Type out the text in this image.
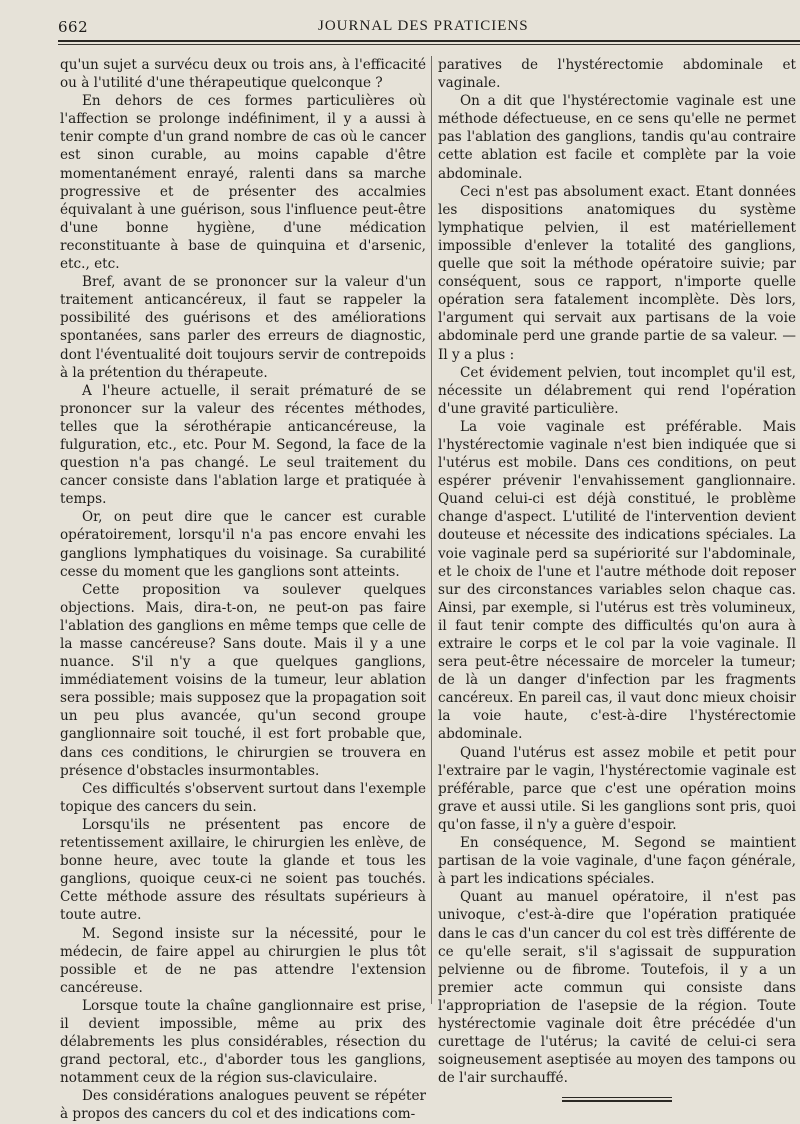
662	JOURNAL DES PRATICIENS

qu'un sujet a survécu deux ou trois ans, à l'efficacité ou à l'utilité d'une thérapeutique quelconque ?

En dehors de ces formes particulières où l'affection se prolonge indéfiniment, il y a aussi à tenir compte d'un grand nombre de cas où le cancer est sinon curable, au moins capable d'être momentanément enrayé, ralenti dans sa marche progressive et de présenter des accalmies équivalant à une guérison, sous l'influence peut-être d'une bonne hygiène, d'une médication reconstituante à base de quinquina et d'arsenic, etc., etc.

Bref, avant de se prononcer sur la valeur d'un traitement anticancéreux, il faut se rappeler la possibilité des guérisons et des améliorations spontanées, sans parler des erreurs de diagnostic, dont l'éventualité doit toujours servir de contrepoids à la prétention du thérapeute.

A l'heure actuelle, il serait prématuré de se prononcer sur la valeur des récentes méthodes, telles que la sérothérapie anticancéreuse, la fulguration, etc., etc. Pour M. Segond, la face de la question n'a pas changé. Le seul traitement du cancer consiste dans l'ablation large et pratiquée à temps.

Or, on peut dire que le cancer est curable opératoirement, lorsqu'il n'a pas encore envahi les ganglions lymphatiques du voisinage. Sa curabilité cesse du moment que les ganglions sont atteints.

Cette proposition va soulever quelques objections. Mais, dira-t-on, ne peut-on pas faire l'ablation des ganglions en même temps que celle de la masse cancéreuse? Sans doute. Mais il y a une nuance. S'il n'y a que quelques ganglions, immédiatement voisins de la tumeur, leur ablation sera possible; mais supposez que la propagation soit un peu plus avancée, qu'un second groupe ganglionnaire soit touché, il est fort probable que, dans ces conditions, le chirurgien se trouvera en présence d'obstacles insurmontables.

Ces difficultés s'observent surtout dans l'exemple topique des cancers du sein.

Lorsqu'ils ne présentent pas encore de retentissement axillaire, le chirurgien les enlève, de bonne heure, avec toute la glande et tous les ganglions, quoique ceux-ci ne soient pas touchés. Cette méthode assure des résultats supérieurs à toute autre.

M. Segond insiste sur la nécessité, pour le médecin, de faire appel au chirurgien le plus tôt possible et de ne pas attendre l'extension cancéreuse.

Lorsque toute la chaîne ganglionnaire est prise, il devient impossible, même au prix des délabrements les plus considérables, résection du grand pectoral, etc., d'aborder tous les ganglions, notamment ceux de la région sus-claviculaire.

Des considérations analogues peuvent se répéter à propos des cancers du col et des indications com-

paratives de l'hystérectomie abdominale et vaginale.

On a dit que l'hystérectomie vaginale est une méthode défectueuse, en ce sens qu'elle ne permet pas l'ablation des ganglions, tandis qu'au contraire cette ablation est facile et complète par la voie abdominale.

Ceci n'est pas absolument exact. Etant données les dispositions anatomiques du système lymphatique pelvien, il est matériellement impossible d'enlever la totalité des ganglions, quelle que soit la méthode opératoire suivie; par conséquent, sous ce rapport, n'importe quelle opération sera fatalement incomplète. Dès lors, l'argument qui servait aux partisans de la voie abdominale perd une grande partie de sa valeur. — Il y a plus :

Cet évidement pelvien, tout incomplet qu'il est, nécessite un délabrement qui rend l'opération d'une gravité particulière.

La voie vaginale est préférable. Mais l'hystérectomie vaginale n'est bien indiquée que si l'utérus est mobile. Dans ces conditions, on peut espérer prévenir l'envahissement ganglionnaire. Quand celui-ci est déjà constitué, le problème change d'aspect. L'utilité de l'intervention devient douteuse et nécessite des indications spéciales. La voie vaginale perd sa supériorité sur l'abdominale, et le choix de l'une et l'autre méthode doit reposer sur des circonstances variables selon chaque cas. Ainsi, par exemple, si l'utérus est très volumineux, il faut tenir compte des difficultés qu'on aura à extraire le corps et le col par la voie vaginale. Il sera peut-être nécessaire de morceler la tumeur; de là un danger d'infection par les fragments cancéreux. En pareil cas, il vaut donc mieux choisir la voie haute, c'est-à-dire l'hystérectomie abdominale.

Quand l'utérus est assez mobile et petit pour l'extraire par le vagin, l'hystérectomie vaginale est préférable, parce que c'est une opération moins grave et aussi utile. Si les ganglions sont pris, quoi qu'on fasse, il n'y a guère d'espoir.

En conséquence, M. Segond se maintient partisan de la voie vaginale, d'une façon générale, à part les indications spéciales.

Quant au manuel opératoire, il n'est pas univoque, c'est-à-dire que l'opération pratiquée dans le cas d'un cancer du col est très différente de ce qu'elle serait, s'il s'agissait de suppuration pelvienne ou de fibrome. Toutefois, il y a un premier acte commun qui consiste dans l'appropriation de l'asepsie de la région. Toute hystérectomie vaginale doit être précédée d'un curettage de l'utérus; la cavité de celui-ci sera soigneusement aseptisée au moyen des tampons ou de l'air surchauffé.
